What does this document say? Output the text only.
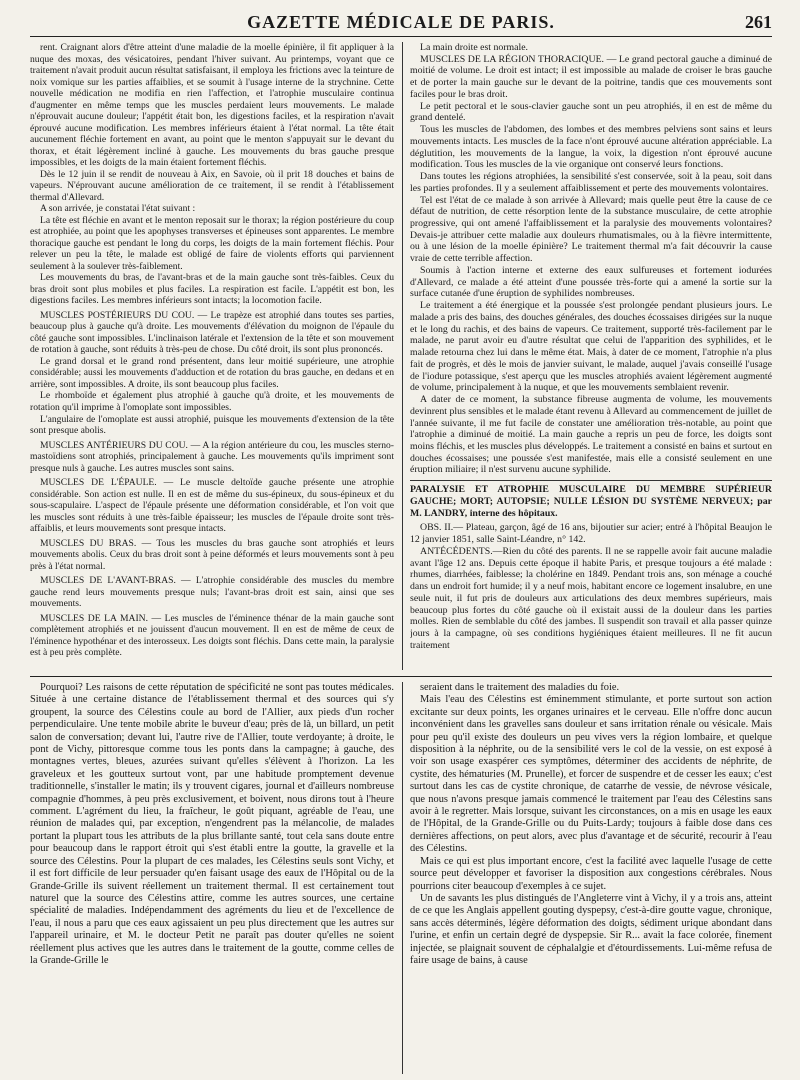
GAZETTE MÉDICALE DE PARIS.	261

rent. Craignant alors d'être atteint d'une maladie de la moelle épinière, il fit appliquer à la nuque des moxas, des vésicatoires, pendant l'hiver suivant. Au printemps, voyant que ce traitement n'avait produit aucun résultat satisfaisant, il employa les frictions avec la teinture de noix vomique sur les parties affaiblies, et se soumit à l'usage interne de la strychnine. Cette nouvelle médication ne modifia en rien l'affection, et l'atrophie musculaire continua d'augmenter en même temps que les muscles perdaient leurs mouvements. Le malade n'éprouvait aucune douleur; l'appétit était bon, les digestions faciles, et la respiration n'avait éprouvé aucune modification. Les membres inférieurs étaient à l'état normal. La tête était aucunement fléchie fortement en avant, au point que le menton s'appuyait sur le devant du thorax, et était légèrement incliné à gauche. Les mouvements du bras gauche presque impossibles, et les doigts de la main étaient fortement fléchis.

Dès le 12 juin il se rendit de nouveau à Aix, en Savoie, où il prit 18 douches et bains de vapeurs. N'éprouvant aucune amélioration de ce traitement, il se rendit à l'établissement thermal d'Allevard.

A son arrivée, je constatai l'état suivant :

La tête est fléchie en avant et le menton reposait sur le thorax; la région postérieure du coup est atrophiée, au point que les apophyses transverses et épineuses sont apparentes. Le membre thoracique gauche est pendant le long du corps, les doigts de la main fortement fléchis. Pour relever un peu la tête, le malade est obligé de faire de violents efforts qui parviennent seulement à la soulever très-faiblement.

Les mouvements du bras, de l'avant-bras et de la main gauche sont très-faibles. Ceux du bras droit sont plus mobiles et plus faciles. La respiration est facile. L'appétit est bon, les digestions faciles. Les membres inférieurs sont intacts; la locomotion facile.

MUSCLES POSTÉRIEURS DU COU. — Le trapèze est atrophié dans toutes ses parties, beaucoup plus à gauche qu'à droite. Les mouvements d'élévation du moignon de l'épaule du côté gauche sont impossibles. L'inclinaison latérale et l'extension de la tête et son mouvement de rotation à gauche, sont réduits à très-peu de chose. Du côté droit, ils sont plus prononcés.

Le grand dorsal et le grand rond présentent, dans leur moitié supérieure, une atrophie considérable; aussi les mouvements d'adduction et de rotation du bras gauche, en dedans et en arrière, sont impossibles. A droite, ils sont beaucoup plus faciles.

Le rhomboïde et également plus atrophié à gauche qu'à droite, et les mouvements de rotation qu'il imprime à l'omoplate sont impossibles.

L'angulaire de l'omoplate est aussi atrophié, puisque les mouvements d'extension de la tête sont presque abolis.

MUSCLES ANTÉRIEURS DU COU. — A la région antérieure du cou, les muscles sterno-mastoïdiens sont atrophiés, principalement à gauche. Les mouvements qu'ils impriment sont presque nuls à gauche. Les autres muscles sont sains.

MUSCLES DE L'ÉPAULE. — Le muscle deltoïde gauche présente une atrophie considérable. Son action est nulle. Il en est de même du sus-épineux, du sous-épineux et du sous-scapulaire. L'aspect de l'épaule présente une déformation considérable, et l'on voit que les muscles sont réduits à une très-faible épaisseur; les muscles de l'épaule droite sont très-affaiblis, et leurs mouvements sont presque intacts.

MUSCLES DU BRAS. — Tous les muscles du bras gauche sont atrophiés et leurs mouvements abolis. Ceux du bras droit sont à peine déformés et leurs mouvements sont à peu près à l'état normal.

MUSCLES DE L'AVANT-BRAS. — L'atrophie considérable des muscles du membre gauche rend leurs mouvements presque nuls; l'avant-bras droit est sain, ainsi que ses mouvements.

MUSCLES DE LA MAIN. — Les muscles de l'éminence thénar de la main gauche sont complètement atrophiés et ne jouissent d'aucun mouvement. Il en est de même de ceux de l'éminence hypothénar et des interosseux. Les doigts sont fléchis. Dans cette main, la paralysie est à peu près complète.

La main droite est normale.

MUSCLES DE LA RÉGION THORACIQUE. — Le grand pectoral gauche a diminué de moitié de volume. Le droit est intact; il est impossible au malade de croiser le bras gauche et de porter la main gauche sur le devant de la poitrine, tandis que ces mouvements sont faciles pour le bras droit.

Le petit pectoral et le sous-clavier gauche sont un peu atrophiés, il en est de même du grand dentelé.

Tous les muscles de l'abdomen, des lombes et des membres pelviens sont sains et leurs mouvements intacts. Les muscles de la face n'ont éprouvé aucune altération appréciable. La déglutition, les mouvements de la langue, la voix, la digestion n'ont éprouvé aucune modification. Tous les muscles de la vie organique ont conservé leurs fonctions.

Dans toutes les régions atrophiées, la sensibilité s'est conservée, soit à la peau, soit dans les parties profondes. Il y a seulement affaiblissement et perte des mouvements volontaires.

Tel est l'état de ce malade à son arrivée à Allevard; mais quelle peut être la cause de ce défaut de nutrition, de cette résorption lente de la substance musculaire, de cette atrophie progressive, qui ont amené l'affaiblissement et la paralysie des mouvements volontaires? Devais-je attribuer cette maladie aux douleurs rhumatismales, ou à la fièvre intermittente, ou à une lésion de la moelle épinière? Le traitement thermal m'a fait découvrir la cause vraie de cette terrible affection.

Soumis à l'action interne et externe des eaux sulfureuses et fortement iodurées d'Allevard, ce malade a été atteint d'une poussée très-forte qui a amené la sortie sur la surface cutanée d'une éruption de syphilides nombreuses.

Le traitement a été énergique et la poussée s'est prolongée pendant plusieurs jours. Le malade a pris des bains, des douches générales, des douches écossaises dirigées sur la nuque et le long du rachis, et des bains de vapeurs. Ce traitement, supporté très-facilement par le malade, ne parut avoir eu d'autre résultat que celui de l'apparition des syphilides, et le malade retourna chez lui dans le même état. Mais, à dater de ce moment, l'atrophie n'a plus fait de progrès, et dès le mois de janvier suivant, le malade, auquel j'avais conseillé l'usage de l'iodure potassique, s'est aperçu que les muscles atrophiés avaient légèrement augmenté de volume, principalement à la nuque, et que les mouvements semblaient revenir.

A dater de ce moment, la substance fibreuse augmenta de volume, les mouvements devinrent plus sensibles et le malade étant revenu à Allevard au commencement de juillet de l'année suivante, il me fut facile de constater une amélioration très-notable, au point que l'atrophie a diminué de moitié. La main gauche a repris un peu de force, les doigts sont moins fléchis, et les muscles plus développés. Le traitement a consisté en bains et surtout en douches écossaises; une poussée s'est manifestée, mais elle a consisté seulement en une éruption miliaire; il n'est survenu aucune syphilide.

PARALYSIE ET ATROPHIE MUSCULAIRE DU MEMBRE SUPÉRIEUR GAUCHE; MORT; AUTOPSIE; NULLE LÉSION DU SYSTÈME NERVEUX; par M. LANDRY, interne des hôpitaux.

OBS. II.— Plateau, garçon, âgé de 16 ans, bijoutier sur acier; entré à l'hôpital Beaujon le 12 janvier 1851, salle Saint-Léandre, n° 142.

ANTÉCÉDENTS.—Rien du côté des parents. Il ne se rappelle avoir fait aucune maladie avant l'âge 12 ans. Depuis cette époque il habite Paris, et presque toujours a été malade : rhumes, diarrhées, faiblesse; la cholérine en 1849. Pendant trois ans, son ménage a couché dans un endroit fort humide; il y a neuf mois, habitant encore ce logement insalubre, en une seule nuit, il fut pris de douleurs aux articulations des deux membres supérieurs, mais beaucoup plus fortes du côté gauche où il existait aussi de la douleur dans les parties molles. Rien de semblable du côté des jambes. Il suspendit son travail et alla passer quinze jours à la campagne, où ses conditions hygiéniques étaient meilleures. Il ne fit aucun traitement

Pourquoi? Les raisons de cette réputation de spécificité ne sont pas toutes médicales. Située à une certaine distance de l'établissement thermal et des sources qui s'y groupent, la source des Célestins coule au bord de l'Allier, aux pieds d'un rocher perpendiculaire. Une tente mobile abrite le buveur d'eau; près de là, un billard, un petit salon de conversation; devant lui, l'autre rive de l'Allier, toute verdoyante; à droite, le pont de Vichy, pittoresque comme tous les ponts dans la campagne; à gauche, des montagnes vertes, bleues, azurées suivant qu'elles s'élèvent à l'horizon. La les graveleux et les goutteux surtout vont, par une habitude promptement devenue traditionnelle, s'installer le matin; ils y trouvent cigares, journal et d'ailleurs nombreuse compagnie d'hommes, à peu près exclusivement, et boivent, nous dirons tout à l'heure comment. L'agrément du lieu, la fraîcheur, le goût piquant, agréable de l'eau, une réunion de malades qui, par exception, n'engendrent pas la mélancolie, de malades portant la plupart tous les attributs de la plus brillante santé, tout cela sans doute entre pour beaucoup dans le rapport étroit qui s'est établi entre la goutte, la gravelle et la source des Célestins. Pour la plupart de ces malades, les Célestins seuls sont Vichy, et il est fort difficile de leur persuader qu'en faisant usage des eaux de l'Hôpital ou de la Grande-Grille ils suivent réellement un traitement thermal. Il est certainement tout naturel que la source des Célestins attire, comme les autres sources, une certaine spécialité de maladies. Indépendamment des agréments du lieu et de l'excellence de l'eau, il nous a paru que ces eaux agissaient un peu plus directement que les autres sur l'appareil urinaire, et M. le docteur Petit ne paraît pas douter qu'elles ne soient réellement plus actives que les autres dans le traitement de la goutte, comme celles de la Grande-Grille le

seraient dans le traitement des maladies du foie.

Mais l'eau des Célestins est éminemment stimulante, et porte surtout son action excitante sur deux points, les organes urinaires et le cerveau. Elle n'offre donc aucun inconvénient dans les gravelles sans douleur et sans irritation rénale ou vésicale. Mais pour peu qu'il existe des douleurs un peu vives vers la région lombaire, et quelque disposition à la néphrite, ou de la sensibilité vers le col de la vessie, on est exposé à voir son usage exaspérer ces symptômes, déterminer des accidents de néphrite, de cystite, des hématuries (M. Prunelle), et forcer de suspendre et de cesser les eaux; c'est surtout dans les cas de cystite chronique, de catarrhe de vessie, de névrose vésicale, que nous n'avons presque jamais commencé le traitement par l'eau des Célestins sans avoir à le regretter. Mais lorsque, suivant les circonstances, on a mis en usage les eaux de l'Hôpital, de la Grande-Grille ou du Puits-Lardy; toujours à faible dose dans ces dernières affections, on peut alors, avec plus d'avantage et de sécurité, recourir à l'eau des Célestins.

Mais ce qui est plus important encore, c'est la facilité avec laquelle l'usage de cette source peut développer et favoriser la disposition aux congestions cérébrales. Nous pourrions citer beaucoup d'exemples à ce sujet.

Un de savants les plus distingués de l'Angleterre vint à Vichy, il y a trois ans, atteint de ce que les Anglais appellent gouting dyspepsy, c'est-à-dire goutte vague, chronique, sans accès déterminés, légère déformation des doigts, sédiment urique abondant dans l'urine, et enfin un certain degré de dyspepsie. Sir R... avait la face colorée, finement injectée, se plaignait souvent de céphalalgie et d'étourdissements. Lui-même refusa de faire usage de bains, à cause
